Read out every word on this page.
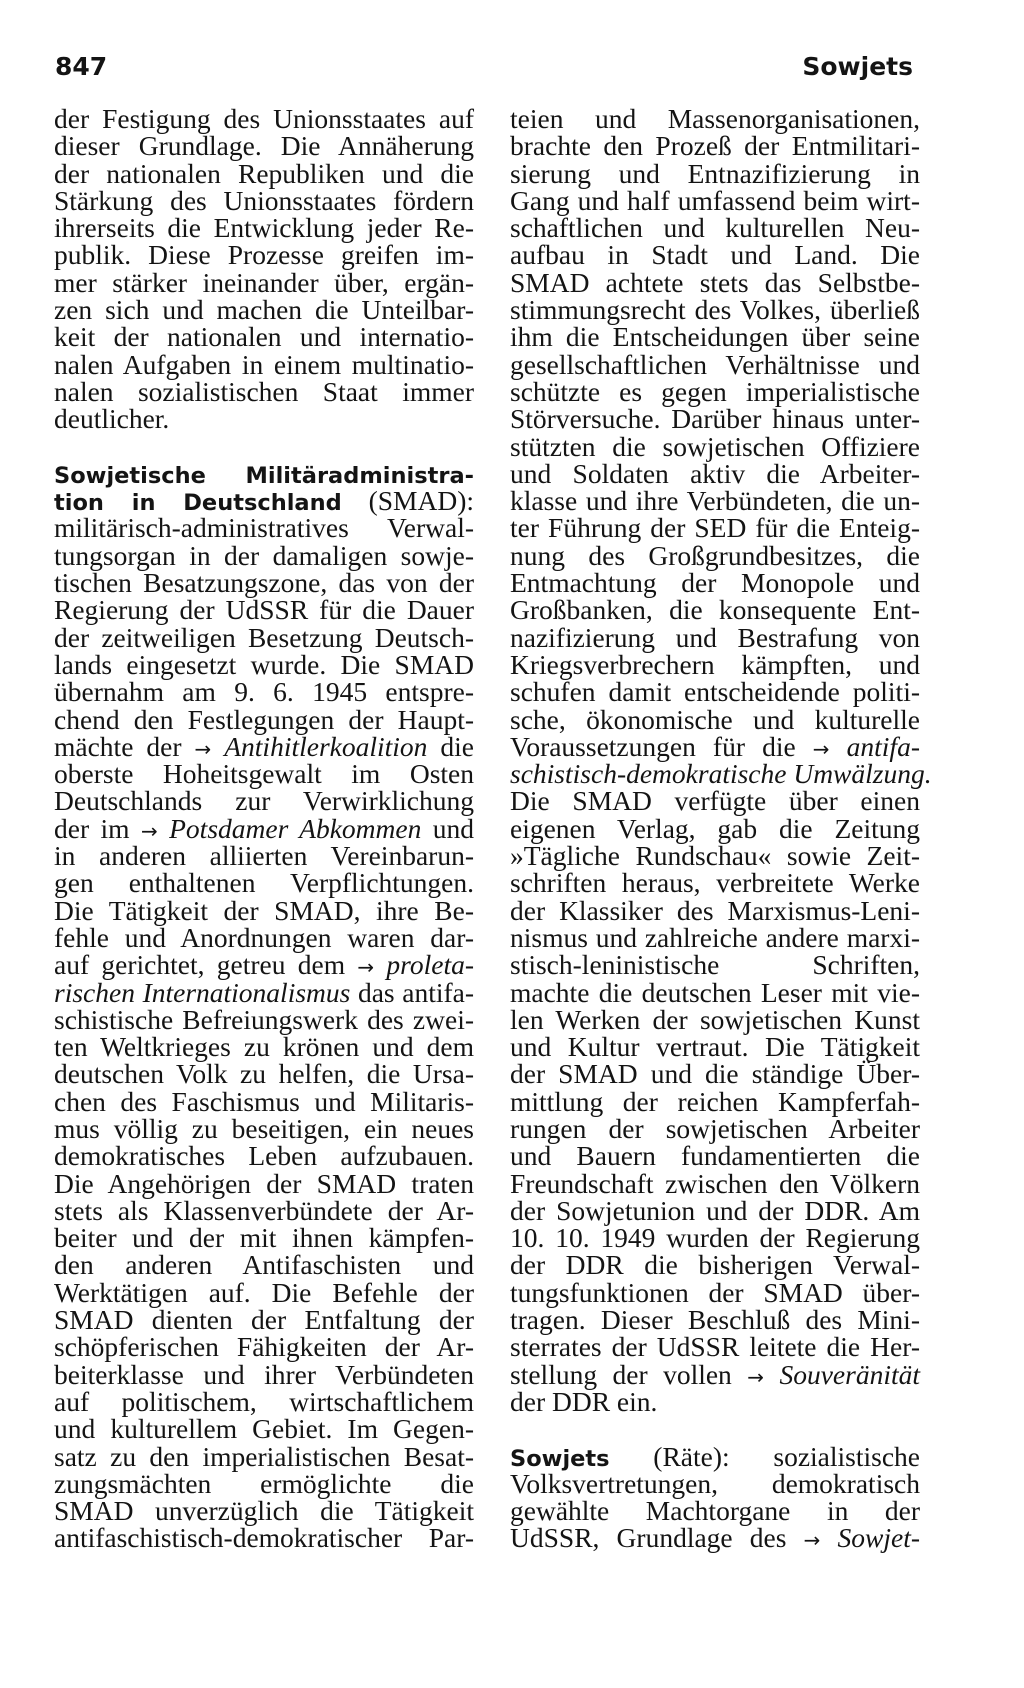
847	Sowjets
der Festigung des Unionsstaates auf
dieser Grundlage. Die Annäherung
der nationalen Republiken und die
Stärkung des Unionsstaates fördern
ihrerseits die Entwicklung jeder Re-
publik. Diese Prozesse greifen im-
mer stärker ineinander über, ergän-
zen sich und machen die Unteilbar-
keit der nationalen und internatio-
nalen Aufgaben in einem multinatio-
nalen sozialistischen Staat immer
deutlicher.
Sowjetische Militäradministra-
tion in Deutschland (SMAD):
militärisch-administratives Verwal-
tungsorgan in der damaligen sowje-
tischen Besatzungszone, das von der
Regierung der UdSSR für die Dauer
der zeitweiligen Besetzung Deutsch-
lands eingesetzt wurde. Die SMAD
übernahm am 9. 6. 1945 entspre-
chend den Festlegungen der Haupt-
mächte der → Antihitlerkoalition die
oberste Hoheitsgewalt im Osten
Deutschlands zur Verwirklichung
der im → Potsdamer Abkommen und
in anderen alliierten Vereinbarun-
gen enthaltenen Verpflichtungen.
Die Tätigkeit der SMAD, ihre Be-
fehle und Anordnungen waren dar-
auf gerichtet, getreu dem → proleta-
rischen Internationalismus das antifa-
schistische Befreiungswerk des zwei-
ten Weltkrieges zu krönen und dem
deutschen Volk zu helfen, die Ursa-
chen des Faschismus und Militaris-
mus völlig zu beseitigen, ein neues
demokratisches Leben aufzubauen.
Die Angehörigen der SMAD traten
stets als Klassenverbündete der Ar-
beiter und der mit ihnen kämpfen-
den anderen Antifaschisten und
Werktätigen auf. Die Befehle der
SMAD dienten der Entfaltung der
schöpferischen Fähigkeiten der Ar-
beiterklasse und ihrer Verbündeten
auf politischem, wirtschaftlichem
und kulturellem Gebiet. Im Gegen-
satz zu den imperialistischen Besat-
zungsmächten ermöglichte die
SMAD unverzüglich die Tätigkeit
antifaschistisch-demokratischer Par-
teien und Massenorganisationen,
brachte den Prozeß der Entmilitari-
sierung und Entnazifizierung in
Gang und half umfassend beim wirt-
schaftlichen und kulturellen Neu-
aufbau in Stadt und Land. Die
SMAD achtete stets das Selbstbe-
stimmungsrecht des Volkes, überließ
ihm die Entscheidungen über seine
gesellschaftlichen Verhältnisse und
schützte es gegen imperialistische
Störversuche. Darüber hinaus unter-
stützten die sowjetischen Offiziere
und Soldaten aktiv die Arbeiter-
klasse und ihre Verbündeten, die un-
ter Führung der SED für die Enteig-
nung des Großgrundbesitzes, die
Entmachtung der Monopole und
Großbanken, die konsequente Ent-
nazifizierung und Bestrafung von
Kriegsverbrechern kämpften, und
schufen damit entscheidende politi-
sche, ökonomische und kulturelle
Voraussetzungen für die → antifa-
schistisch-demokratische Umwälzung.
Die SMAD verfügte über einen
eigenen Verlag, gab die Zeitung
»Tägliche Rundschau« sowie Zeit-
schriften heraus, verbreitete Werke
der Klassiker des Marxismus-Leni-
nismus und zahlreiche andere marxi-
stisch-leninistische Schriften,
machte die deutschen Leser mit vie-
len Werken der sowjetischen Kunst
und Kultur vertraut. Die Tätigkeit
der SMAD und die ständige Über-
mittlung der reichen Kampferfah-
rungen der sowjetischen Arbeiter
und Bauern fundamentierten die
Freundschaft zwischen den Völkern
der Sowjetunion und der DDR. Am
10. 10. 1949 wurden der Regierung
der DDR die bisherigen Verwal-
tungsfunktionen der SMAD über-
tragen. Dieser Beschluß des Mini-
sterrates der UdSSR leitete die Her-
stellung der vollen → Souveränität
der DDR ein.
Sowjets (Räte): sozialistische
Volksvertretungen, demokratisch
gewählte Machtorgane in der
UdSSR, Grundlage des → Sowjet-
